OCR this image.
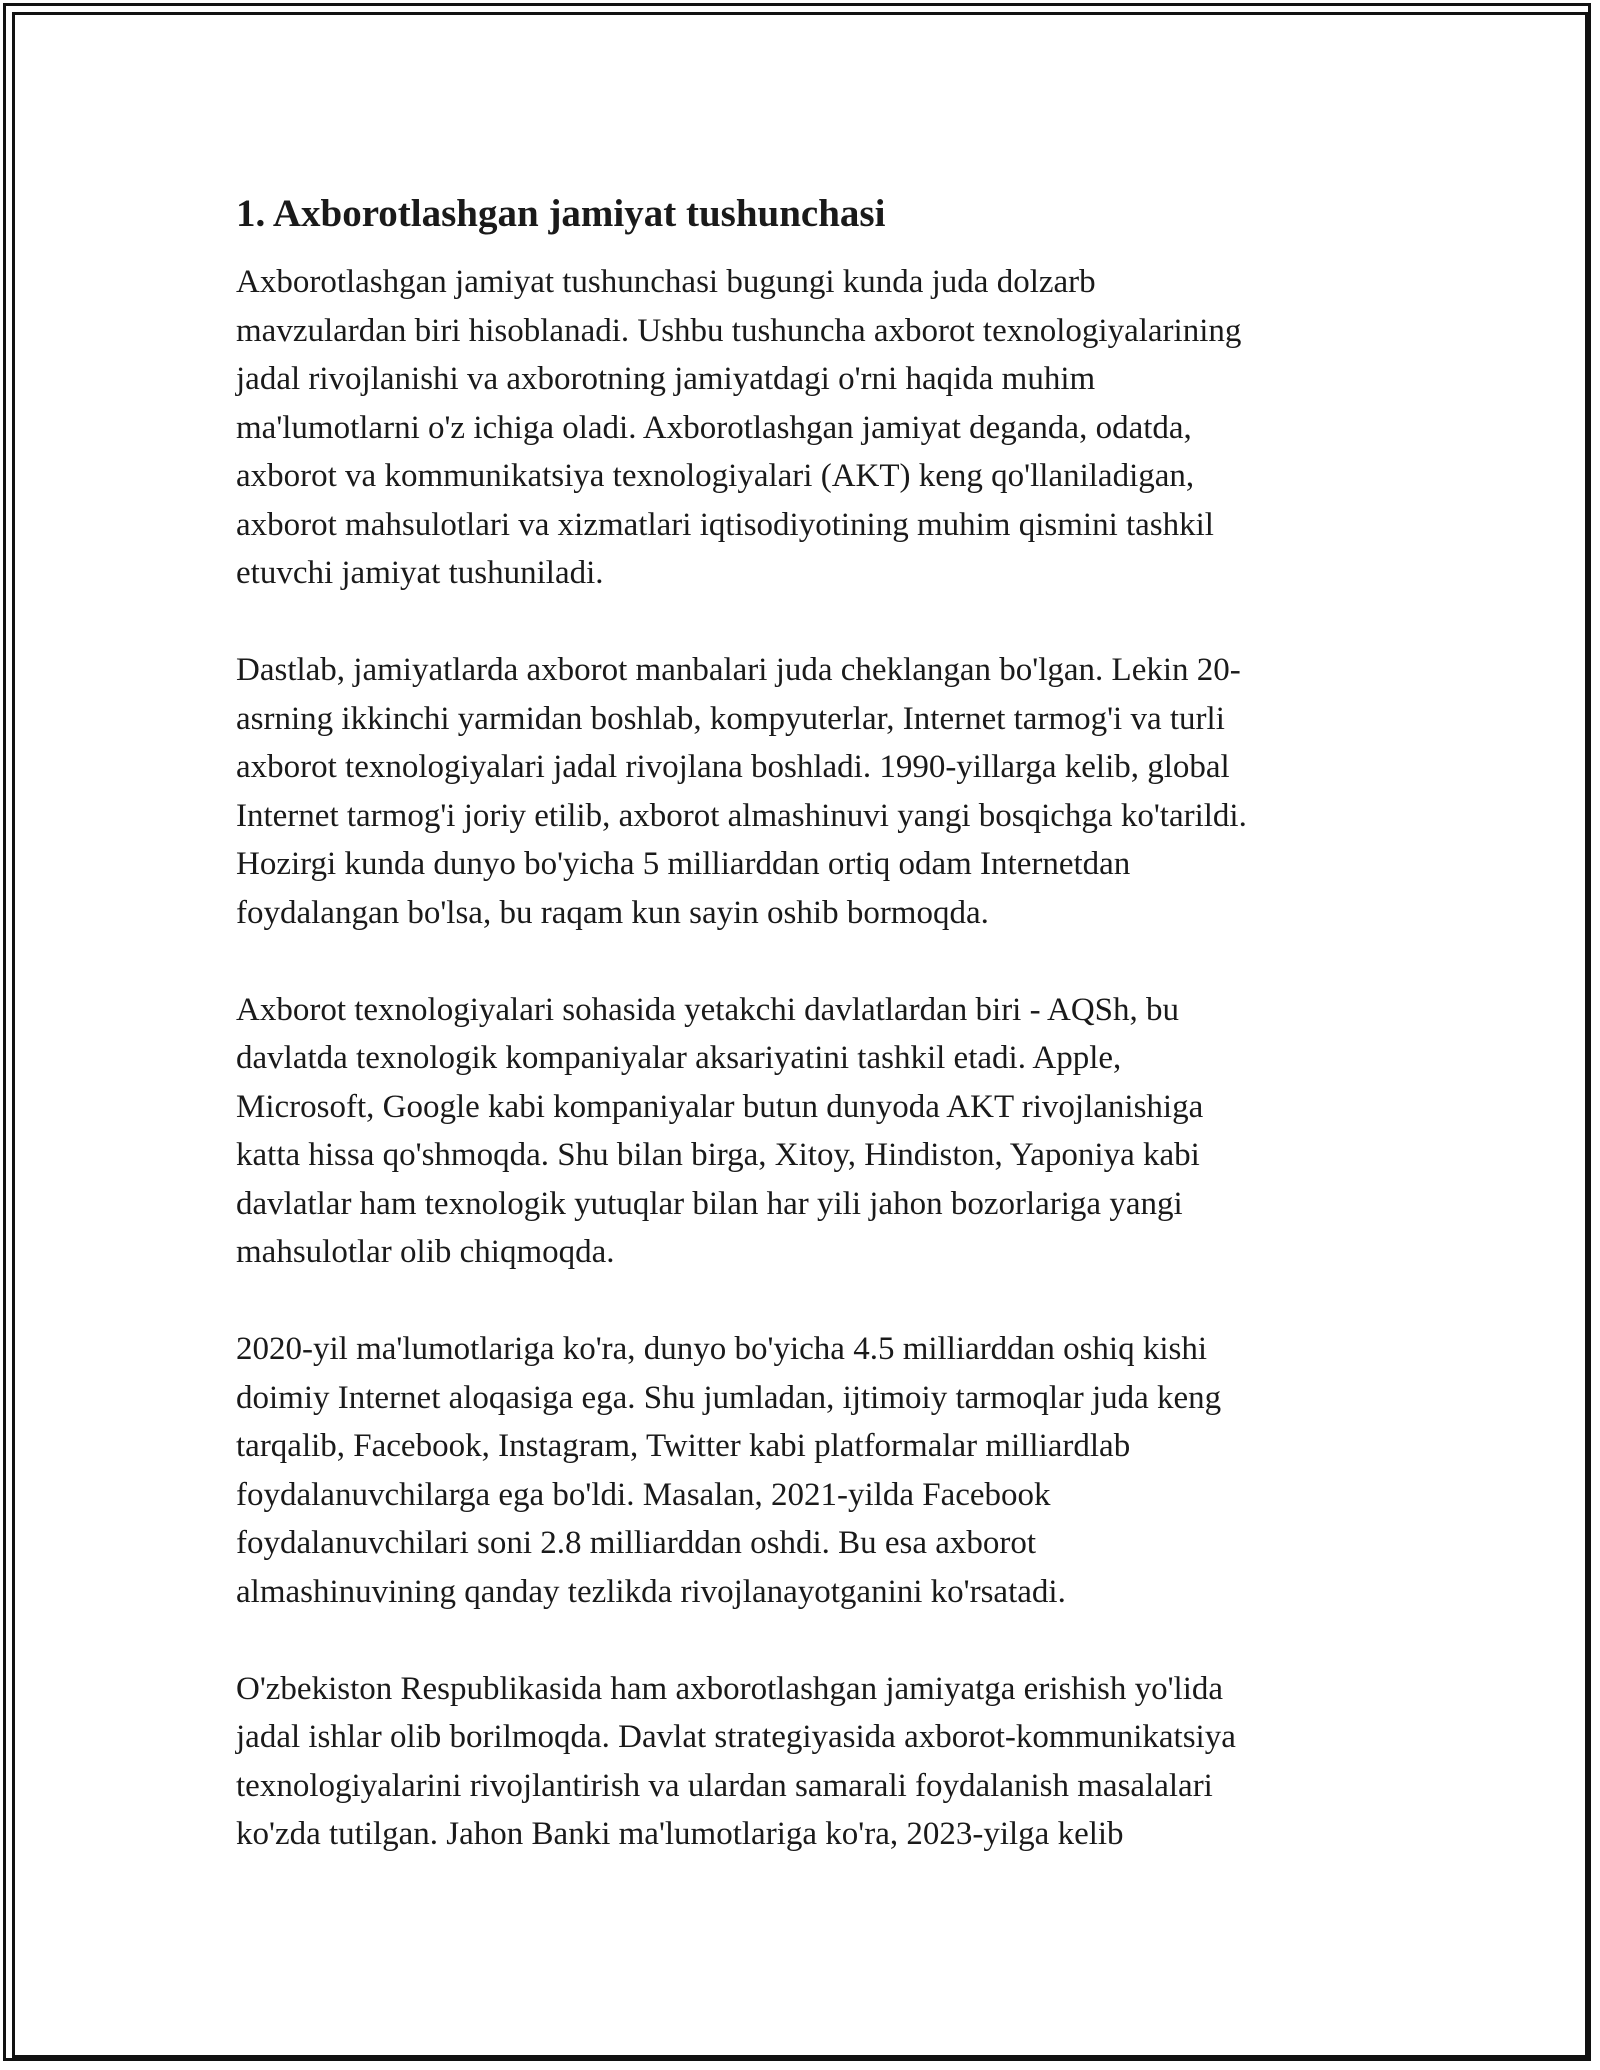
1. Axborotlashgan jamiyat tushunchasi
Axborotlashgan jamiyat tushunchasi bugungi kunda juda dolzarb
mavzulardan biri hisoblanadi. Ushbu tushuncha axborot texnologiyalarining
jadal rivojlanishi va axborotning jamiyatdagi o'rni haqida muhim
ma'lumotlarni o'z ichiga oladi. Axborotlashgan jamiyat deganda, odatda,
axborot va kommunikatsiya texnologiyalari (AKT) keng qo'llaniladigan,
axborot mahsulotlari va xizmatlari iqtisodiyotining muhim qismini tashkil
etuvchi jamiyat tushuniladi.
Dastlab, jamiyatlarda axborot manbalari juda cheklangan bo'lgan. Lekin 20-
asrning ikkinchi yarmidan boshlab, kompyuterlar, Internet tarmog'i va turli
axborot texnologiyalari jadal rivojlana boshladi. 1990-yillarga kelib, global
Internet tarmog'i joriy etilib, axborot almashinuvi yangi bosqichga ko'tarildi.
Hozirgi kunda dunyo bo'yicha 5 milliarddan ortiq odam Internetdan
foydalangan bo'lsa, bu raqam kun sayin oshib bormoqda.
Axborot texnologiyalari sohasida yetakchi davlatlardan biri - AQSh, bu
davlatda texnologik kompaniyalar aksariyatini tashkil etadi. Apple,
Microsoft, Google kabi kompaniyalar butun dunyoda AKT rivojlanishiga
katta hissa qo'shmoqda. Shu bilan birga, Xitoy, Hindiston, Yaponiya kabi
davlatlar ham texnologik yutuqlar bilan har yili jahon bozorlariga yangi
mahsulotlar olib chiqmoqda.
2020-yil ma'lumotlariga ko'ra, dunyo bo'yicha 4.5 milliarddan oshiq kishi
doimiy Internet aloqasiga ega. Shu jumladan, ijtimoiy tarmoqlar juda keng
tarqalib, Facebook, Instagram, Twitter kabi platformalar milliardlab
foydalanuvchilarga ega bo'ldi. Masalan, 2021-yilda Facebook
foydalanuvchilari soni 2.8 milliarddan oshdi. Bu esa axborot
almashinuvining qanday tezlikda rivojlanayotganini ko'rsatadi.
O'zbekiston Respublikasida ham axborotlashgan jamiyatga erishish yo'lida
jadal ishlar olib borilmoqda. Davlat strategiyasida axborot-kommunikatsiya
texnologiyalarini rivojlantirish va ulardan samarali foydalanish masalalari
ko'zda tutilgan. Jahon Banki ma'lumotlariga ko'ra, 2023-yilga kelib
